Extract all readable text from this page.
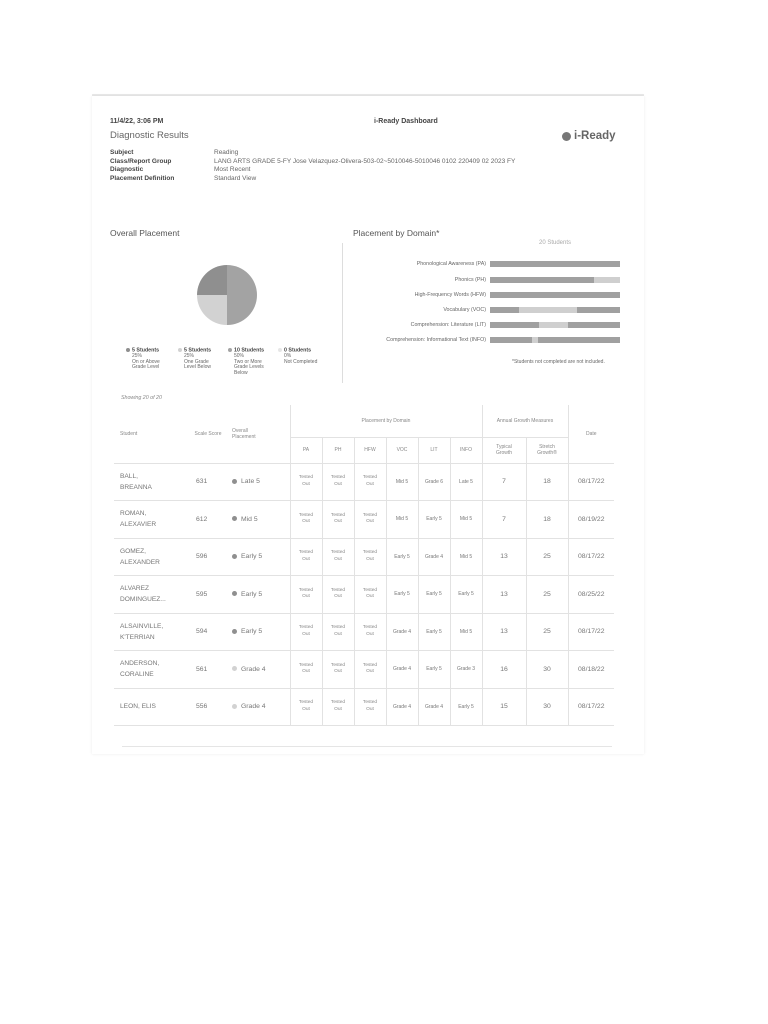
11/4/22, 3:06 PM	i-Ready Dashboard
Diagnostic Results	i-Ready
Subject	Reading
Class/Report Group	LANG ARTS GRADE 5-FY Jose Velazquez-Olivera-503-02~5010046-5010046 0102 220409 02 2023 FY
Diagnostic	Most Recent
Placement Definition	Standard View
Overall Placement
5 Students
25%
On or Above
Grade Level
5 Students
25%
One Grade
Level Below
10 Students
50%
Two or More
Grade Levels
Below
0 Students
0%
Not Completed
Placement by Domain*
20 Students
Phonological Awareness (PA)
Phonics (PH)
High-Frequency Words (HFW)
Vocabulary (VOC)
Comprehension: Literature (LIT)
Comprehension: Informational Text (INFO)
*Students not completed are not included.
Showing 20 of 20
Student	Scale Score	Overall
Placement	Placement by Domain						Annual Growth Measures		Date
			PA	PH	HFW	VOC	LIT	INFO	Typical
Growth	Stretch
Growth®	
BALL,
BREANNA	631	Late 5	Tested Out	Tested Out	Tested Out	Mid 5	Grade 6	Late 5	7	18	08/17/22
ROMAN,
ALEXAVIER	612	Mid 5	Tested Out	Tested Out	Tested Out	Mid 5	Early 5	Mid 5	7	18	08/19/22
GOMEZ,
ALEXANDER	596	Early 5	Tested Out	Tested Out	Tested Out	Early 5	Grade 4	Mid 5	13	25	08/17/22
ALVAREZ
DOMINGUEZ...	595	Early 5	Tested Out	Tested Out	Tested Out	Early 5	Early 5	Early 5	13	25	08/25/22
ALSAINVILLE,
K'TERRIAN	594	Early 5	Tested Out	Tested Out	Tested Out	Grade 4	Early 5	Mid 5	13	25	08/17/22
ANDERSON,
CORALINE	561	Grade 4	Tested Out	Tested Out	Tested Out	Grade 4	Early 5	Grade 3	16	30	08/18/22
LEON, ELIS	556	Grade 4	Tested Out	Tested Out	Tested Out	Grade 4	Grade 4	Early 5	15	30	08/17/22
